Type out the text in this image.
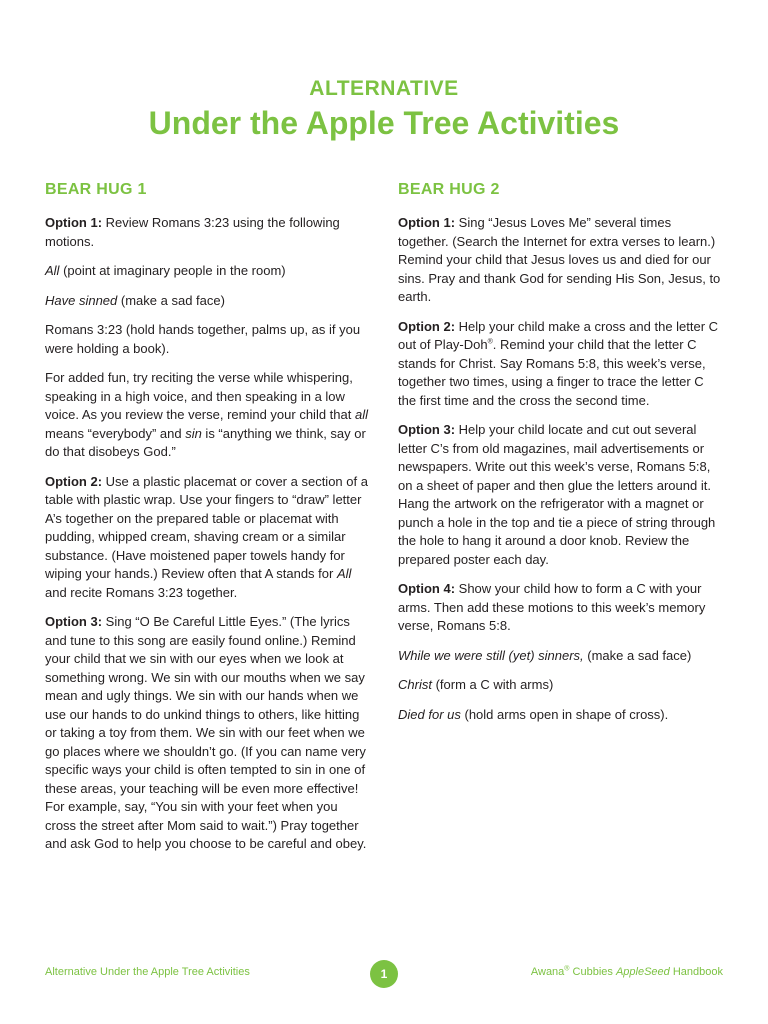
ALTERNATIVE
Under the Apple Tree Activities
BEAR HUG 1

Option 1: Review Romans 3:23 using the following motions.

All (point at imaginary people in the room)

Have sinned (make a sad face)

Romans 3:23 (hold hands together, palms up, as if you were holding a book).

For added fun, try reciting the verse while whispering, speaking in a high voice, and then speaking in a low voice. As you review the verse, remind your child that all means “everybody” and sin is “anything we think, say or do that disobeys God.”

Option 2: Use a plastic placemat or cover a section of a table with plastic wrap. Use your fingers to “draw” letter A’s together on the prepared table or placemat with pudding, whipped cream, shaving cream or a similar substance. (Have moistened paper towels handy for wiping your hands.) Review often that A stands for All and recite Romans 3:23 together.

Option 3: Sing “O Be Careful Little Eyes.” (The lyrics and tune to this song are easily found online.) Remind your child that we sin with our eyes when we look at something wrong. We sin with our mouths when we say mean and ugly things. We sin with our hands when we use our hands to do unkind things to others, like hitting or taking a toy from them. We sin with our feet when we go places where we shouldn’t go. (If you can name very specific ways your child is often tempted to sin in one of these areas, your teaching will be even more effective! For example, say, “You sin with your feet when you cross the street after Mom said to wait.”) Pray together and ask God to help you choose to be careful and obey.

BEAR HUG 2

Option 1: Sing “Jesus Loves Me” several times together. (Search the Internet for extra verses to learn.) Remind your child that Jesus loves us and died for our sins. Pray and thank God for sending His Son, Jesus, to earth.

Option 2: Help your child make a cross and the letter C out of Play-Doh®. Remind your child that the letter C stands for Christ. Say Romans 5:8, this week’s verse, together two times, using a finger to trace the letter C the first time and the cross the second time.

Option 3: Help your child locate and cut out several letter C’s from old magazines, mail advertisements or newspapers. Write out this week’s verse, Romans 5:8, on a sheet of paper and then glue the letters around it. Hang the artwork on the refrigerator with a magnet or punch a hole in the top and tie a piece of string through the hole to hang it around a door knob. Review the prepared poster each day.

Option 4: Show your child how to form a C with your arms. Then add these motions to this week’s memory verse, Romans 5:8.

While we were still (yet) sinners, (make a sad face)

Christ (form a C with arms)

Died for us (hold arms open in shape of cross).

Alternative Under the Apple Tree Activities	1	Awana® Cubbies AppleSeed Handbook
